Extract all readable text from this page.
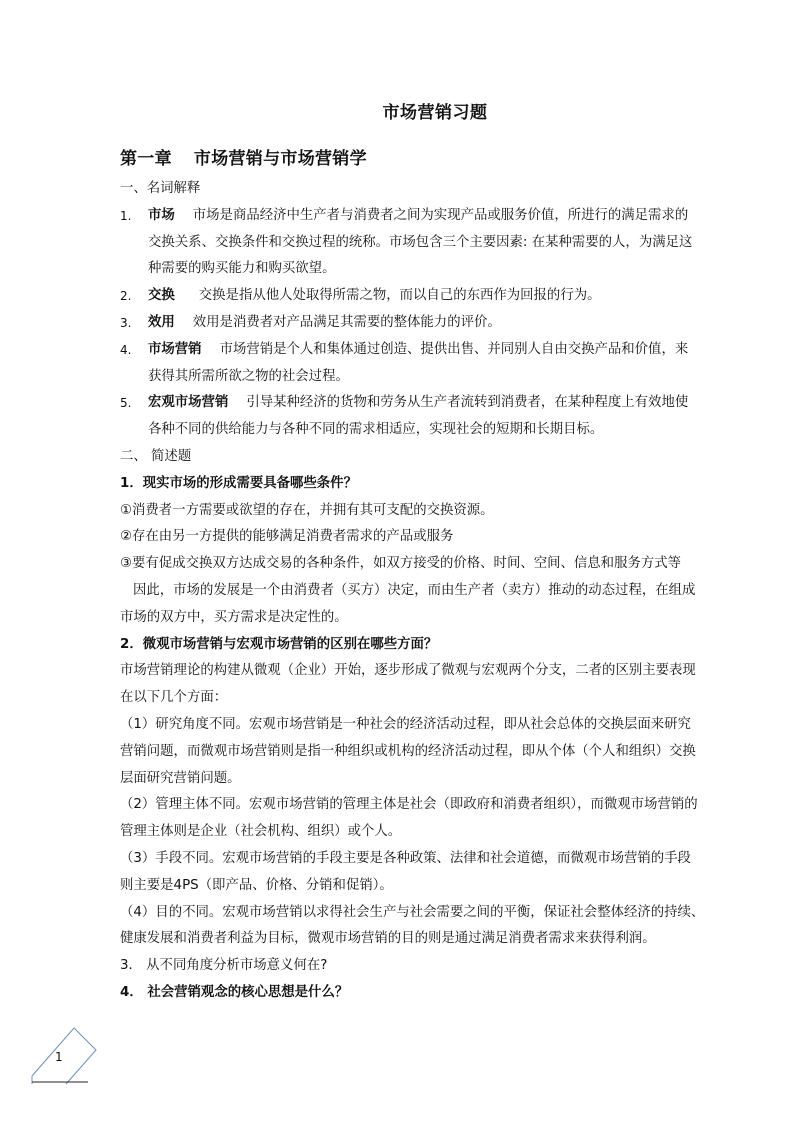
市场营销习题
第一章 市场营销与市场营销学
一、名词解释
1.	市场 市场是商品经济中生产者与消费者之间为实现产品或服务价值，所进行的满足需求的
交换关系、交换条件和交换过程的统称。市场包含三个主要因素: 在某种需要的人，为满足这
种需要的购买能力和购买欲望。
2.	交换 交换是指从他人处取得所需之物，而以自己的东西作为回报的行为。
3.	效用 效用是消费者对产品满足其需要的整体能力的评价。
4.	市场营销 市场营销是个人和集体通过创造、提供出售、并同别人自由交换产品和价值，来
获得其所需所欲之物的社会过程。
5.	宏观市场营销 引导某种经济的货物和劳务从生产者流转到消费者，在某种程度上有效地使
各种不同的供给能力与各种不同的需求相适应，实现社会的短期和长期目标。
二、 简述题
1．现实市场的形成需要具备哪些条件？
①消费者一方需要或欲望的存在，并拥有其可支配的交换资源。
②存在由另一方提供的能够满足消费者需求的产品或服务
③要有促成交换双方达成交易的各种条件，如双方接受的价格、时间、空间、信息和服务方式等
因此，市场的发展是一个由消费者（买方）决定，而由生产者（卖方）推动的动态过程，在组成
市场的双方中，买方需求是决定性的。
2．微观市场营销与宏观市场营销的区别在哪些方面？
市场营销理论的构建从微观（企业）开始，逐步形成了微观与宏观两个分支，二者的区别主要表现
在以下几个方面：
（1）研究角度不同。宏观市场营销是一种社会的经济活动过程，即从社会总体的交换层面来研究
营销问题，而微观市场营销则是指一种组织或机构的经济活动过程，即从个体（个人和组织）交换
层面研究营销问题。
（2）管理主体不同。宏观市场营销的管理主体是社会（即政府和消费者组织），而微观市场营销的
管理主体则是企业（社会机构、组织）或个人。
（3）手段不同。宏观市场营销的手段主要是各种政策、法律和社会道德，而微观市场营销的手段
则主要是4PS（即产品、价格、分销和促销）。
（4）目的不同。宏观市场营销以求得社会生产与社会需要之间的平衡，保证社会整体经济的持续、
健康发展和消费者利益为目标，微观市场营销的目的则是通过满足消费者需求来获得利润。
3． 从不同角度分析市场意义何在?
4． 社会营销观念的核心思想是什么？
1
